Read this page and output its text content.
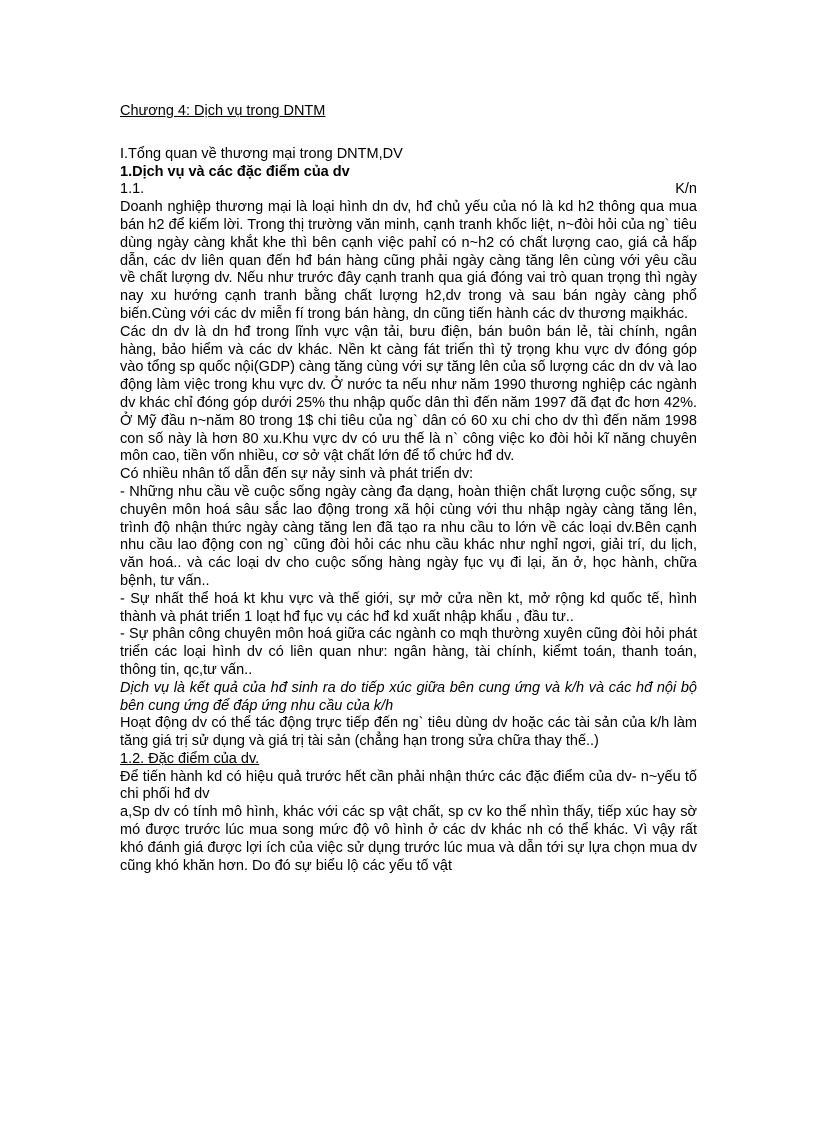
Chương 4: Dịch vụ trong DNTM

I.Tổng quan về thương mại trong DNTM,DV

1.Dịch vụ và các đặc điểm của dv

1.1.	K/n

Doanh nghiệp thương mại là loại hình dn dv, hđ chủ yếu của nó là kd h2 thông qua mua bán h2 để kiếm lời. Trong thị trường văn minh, cạnh tranh khốc liệt, n~đòi hỏi của ng` tiêu dùng ngày càng khắt khe thì bên cạnh việc pahỉ có n~h2 có chất lượng cao, giá cả hấp dẫn, các dv liên quan đến hđ bán hàng cũng phải ngày càng tăng lên cùng với yêu cầu về chất lượng dv. Nếu như trước đây cạnh tranh qua giá đóng vai trò quan trọng thì ngày nay xu hướng cạnh tranh bằng chất lượng h2,dv trong và sau bán ngày càng phổ biến.Cùng với các dv miễn fí trong bán hàng, dn cũng tiến hành các dv thương mạikhác.

Các dn dv là dn hđ trong lĩnh vực vận tải, bưu điện, bán buôn bán lẻ, tài chính, ngân hàng, bảo hiểm và các dv khác. Nền kt càng fát triển thì tỷ trọng khu vực dv đóng góp vào tổng sp quốc nội(GDP) càng tăng cùng với sự tăng lên của số lượng các dn dv và lao động làm việc trong khu vực dv. Ở nước ta nếu như năm 1990 thương nghiệp các ngành dv khác chỉ đóng góp dưới 25% thu nhập quốc dân thì đến năm 1997 đã đạt đc hơn 42%. Ở Mỹ đầu n~năm 80 trong 1$ chi tiêu của ng` dân có 60 xu chi cho dv thì đến năm 1998 con số này là hơn 80 xu.Khu vực dv có ưu thế là n` công việc ko đòi hỏi kĩ năng chuyên môn cao, tiền vốn nhiều, cơ sở vật chất lớn để tổ chức hđ dv.

Có nhiều nhân tố dẫn đến sự nảy sinh và phát triển dv:

- Những nhu cầu về cuộc sống ngày càng đa dạng, hoàn thiện chất lượng cuộc sống, sự chuyên môn hoá sâu sắc lao động trong xã hội cùng với thu nhập ngày càng tăng lên, trình độ nhận thức ngày càng tăng len đã tạo ra nhu cầu to lớn về các loại dv.Bên cạnh nhu cầu lao động con ng` cũng đòi hỏi các nhu cầu khác như nghỉ ngơi, giải trí, du lịch, văn hoá.. và các loại dv cho cuộc sống hàng ngày fục vụ đi lại, ăn ở, học hành, chữa bệnh, tư vấn..

- Sự nhất thể hoá kt khu vực và thế giới, sự mở cửa nền kt, mở rộng kd quốc tế, hình thành và phát triển 1 loạt hđ fục vụ các hđ kd xuất nhập khẩu , đầu tư..

- Sự phân công chuyên môn hoá giữa các ngành co mqh thường xuyên cũng đòi hỏi phát triển các loại hình dv có liên quan như: ngân hàng, tài chính, kiểmt toán, thanh toán, thông tin, qc,tư vấn..

Dịch vụ là kết quả của hđ sinh ra do tiếp xúc giữa bên cung ứng và k/h và các hđ nội bộ bên cung ứng để đáp ứng nhu cầu của k/h

Hoạt động dv có thể tác động trực tiếp đến ng` tiêu dùng dv hoặc các tài sản của k/h làm tăng giá trị sử dụng và giá trị tài sản (chẳng hạn trong sửa chữa thay thế..)

1.2. Đặc điểm của dv.

Để tiến hành kd có hiệu quả trước hết cần phải nhận thức các đặc điểm của dv- n~yếu tố chi phối hđ dv

a,Sp dv có tính mô hình, khác với các sp vật chất, sp cv ko thể nhìn thấy, tiếp xúc hay sờ mó được trước lúc mua song mức độ vô hình ở các dv khác nh có thể khác. Vì vậy rất khó đánh giá được lợi ích của việc sử dụng trước lúc mua và dẫn tới sự lựa chọn mua dv cũng khó khăn hơn. Do đó sự biểu lộ các yếu tố vật
